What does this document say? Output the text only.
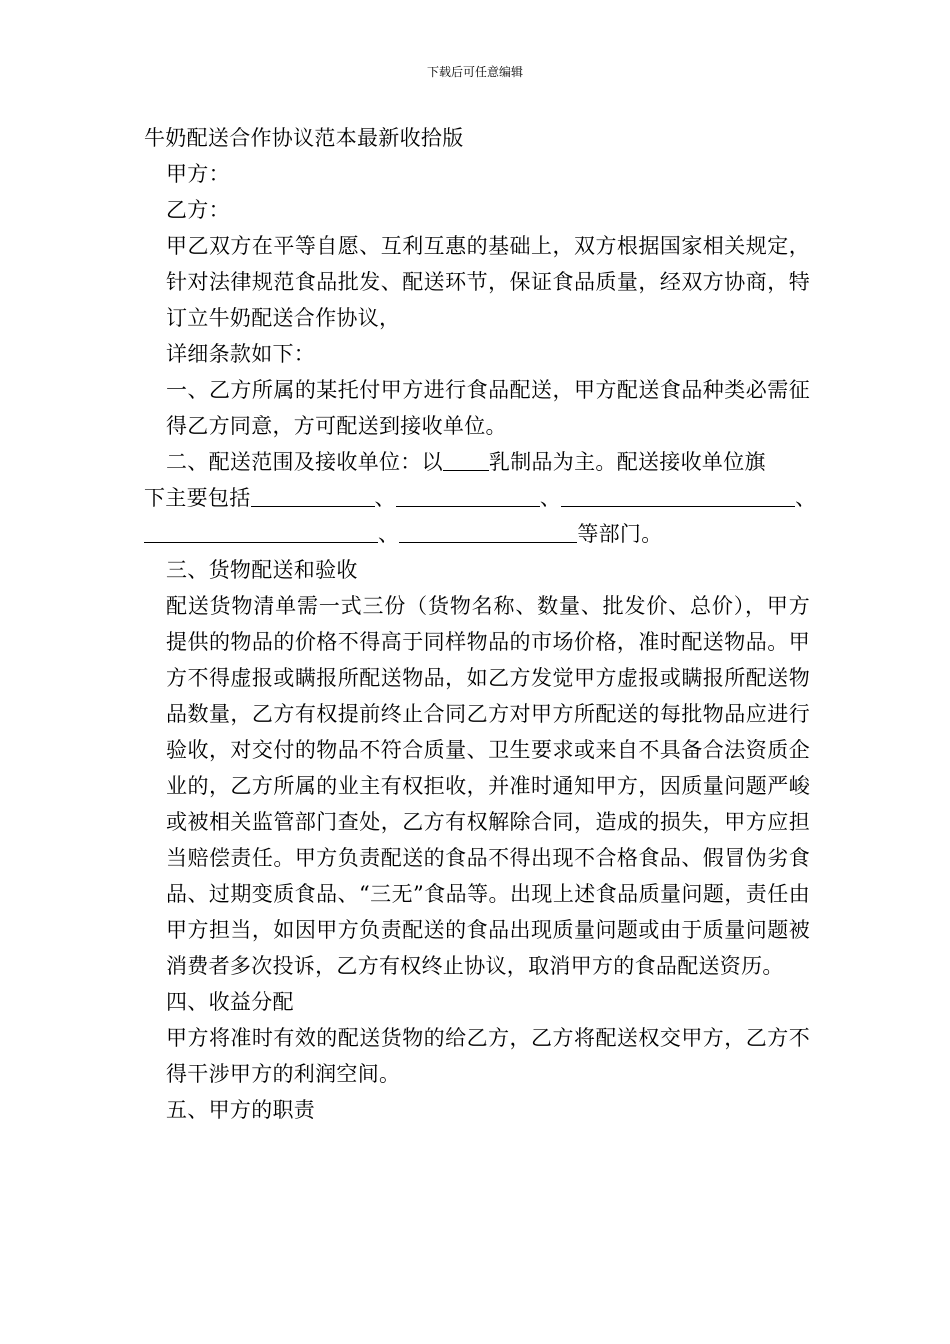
下载后可任意编辑

牛奶配送合作协议范本最新收拾版

甲方：

乙方：

甲乙双方在平等自愿、互利互惠的基础上，双方根据国家相关规定，针对法律规范食品批发、配送环节，保证食品质量，经双方协商，特订立牛奶配送合作协议，

详细条款如下：

一、乙方所属的某托付甲方进行食品配送，甲方配送食品种类必需征得乙方同意，方可配送到接收单位。

二、配送范围及接收单位：以 乳制品为主。配送接收单位旗

下主要包括	、	、	、

、	等部门。

三、货物配送和验收

配送货物清单需一式三份（货物名称、数量、批发价、总价），甲方提供的物品的价格不得高于同样物品的市场价格，准时配送物品。甲方不得虚报或瞒报所配送物品，如乙方发觉甲方虚报或瞒报所配送物品数量，乙方有权提前终止合同乙方对甲方所配送的每批物品应进行验收，对交付的物品不符合质量、卫生要求或来自不具备合法资质企业的，乙方所属的业主有权拒收，并准时通知甲方，因质量问题严峻或被相关监管部门查处，乙方有权解除合同，造成的损失，甲方应担当赔偿责任。甲方负责配送的食品不得出现不合格食品、假冒伪劣食品、过期变质食品、“三无”食品等。出现上述食品质量问题，责任由甲方担当，如因甲方负责配送的食品出现质量问题或由于质量问题被消费者多次投诉，乙方有权终止协议，取消甲方的食品配送资历。

四、收益分配

甲方将准时有效的配送货物的给乙方，乙方将配送权交甲方，乙方不得干涉甲方的利润空间。

五、甲方的职责
